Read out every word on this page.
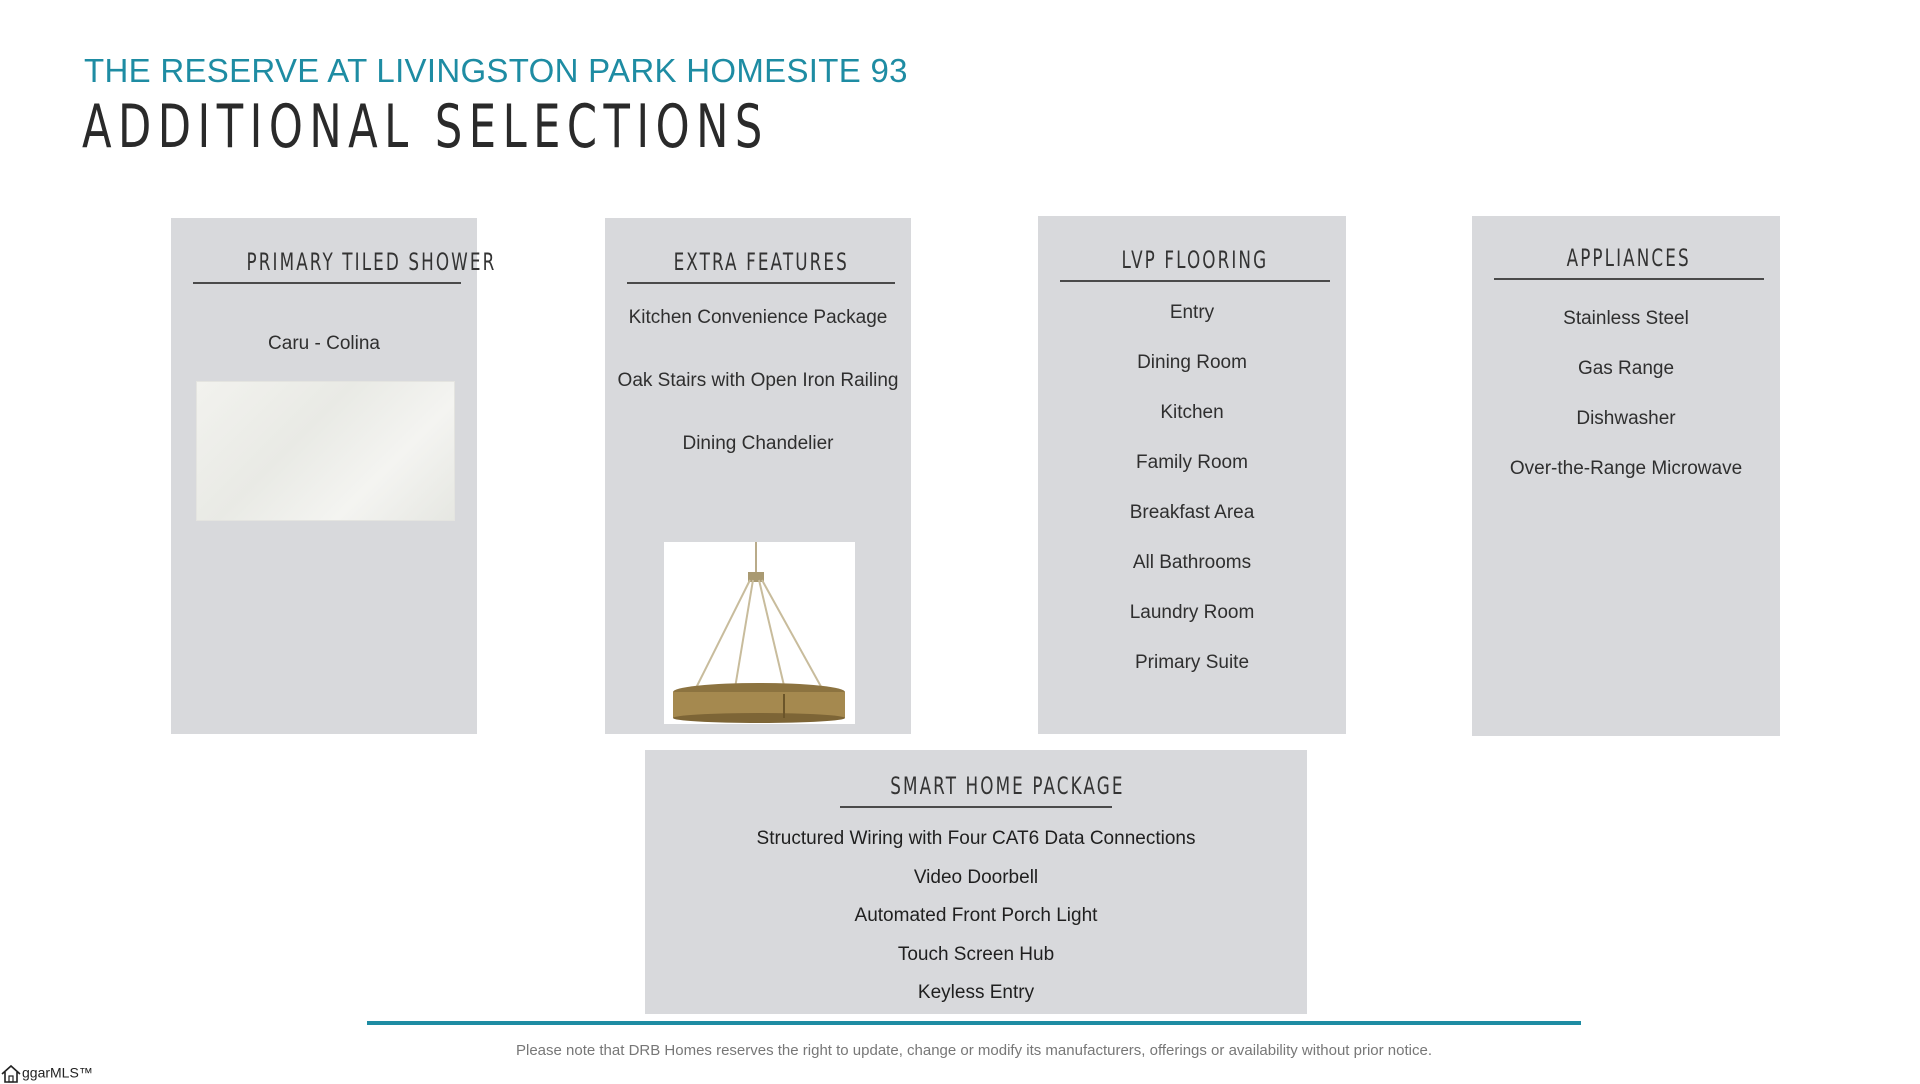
THE RESERVE AT LIVINGSTON PARK HOMESITE 93
ADDITIONAL SELECTIONS
PRIMARY TILED SHOWER
Caru - Colina
EXTRA FEATURES
Kitchen Convenience Package
Oak Stairs with Open Iron Railing
Dining Chandelier
LVP FLOORING
Entry
Dining Room
Kitchen
Family Room
Breakfast Area
All Bathrooms
Laundry Room
Primary Suite
APPLIANCES
Stainless Steel
Gas Range
Dishwasher
Over-the-Range Microwave
SMART HOME PACKAGE
Structured Wiring with Four CAT6 Data Connections
Video Doorbell
Automated Front Porch Light
Touch Screen Hub
Keyless Entry
Please note that DRB Homes reserves the right to update, change or modify its manufacturers, offerings or availability without prior notice.
ggarMLS™
